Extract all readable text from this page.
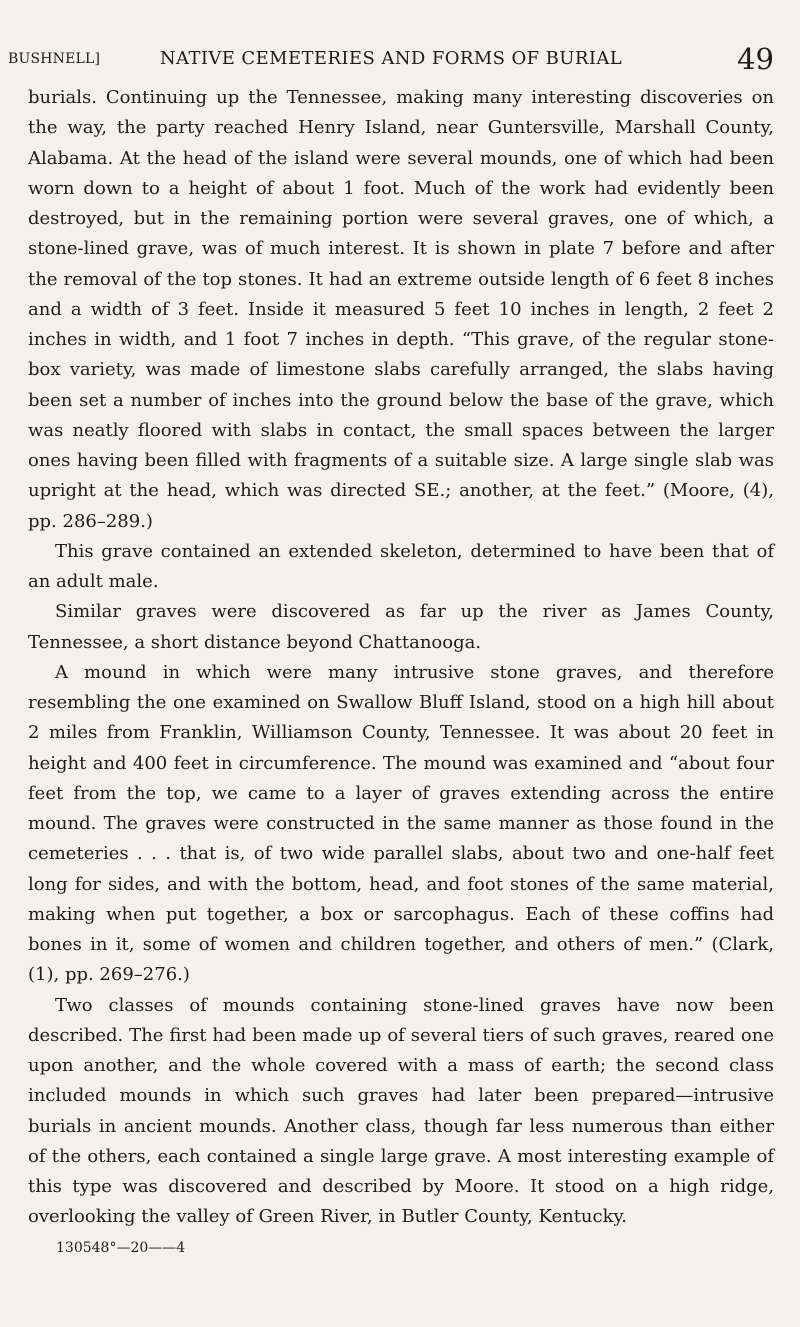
BUSHNELL]	NATIVE CEMETERIES AND FORMS OF BURIAL	49

burials. Continuing up the Tennessee, making many interesting discoveries on the way, the party reached Henry Island, near Guntersville, Marshall County, Alabama. At the head of the island were several mounds, one of which had been worn down to a height of about 1 foot. Much of the work had evidently been destroyed, but in the remaining portion were several graves, one of which, a stone-lined grave, was of much interest. It is shown in plate 7 before and after the removal of the top stones. It had an extreme outside length of 6 feet 8 inches and a width of 3 feet. Inside it measured 5 feet 10 inches in length, 2 feet 2 inches in width, and 1 foot 7 inches in depth. “This grave, of the regular stone-box variety, was made of limestone slabs carefully arranged, the slabs having been set a number of inches into the ground below the base of the grave, which was neatly floored with slabs in contact, the small spaces between the larger ones having been filled with fragments of a suitable size. A large single slab was upright at the head, which was directed SE.; another, at the feet.” (Moore, (4), pp. 286–289.)

This grave contained an extended skeleton, determined to have been that of an adult male.

Similar graves were discovered as far up the river as James County, Tennessee, a short distance beyond Chattanooga.

A mound in which were many intrusive stone graves, and therefore resembling the one examined on Swallow Bluff Island, stood on a high hill about 2 miles from Franklin, Williamson County, Tennessee. It was about 20 feet in height and 400 feet in circumference. The mound was examined and “about four feet from the top, we came to a layer of graves extending across the entire mound. The graves were constructed in the same manner as those found in the cemeteries . . . that is, of two wide parallel slabs, about two and one-half feet long for sides, and with the bottom, head, and foot stones of the same material, making when put together, a box or sarcophagus. Each of these coffins had bones in it, some of women and children together, and others of men.” (Clark, (1), pp. 269–276.)

Two classes of mounds containing stone-lined graves have now been described. The first had been made up of several tiers of such graves, reared one upon another, and the whole covered with a mass of earth; the second class included mounds in which such graves had later been prepared—intrusive burials in ancient mounds. Another class, though far less numerous than either of the others, each contained a single large grave. A most interesting example of this type was discovered and described by Moore. It stood on a high ridge, overlooking the valley of Green River, in Butler County, Kentucky.

130548°—20——4
